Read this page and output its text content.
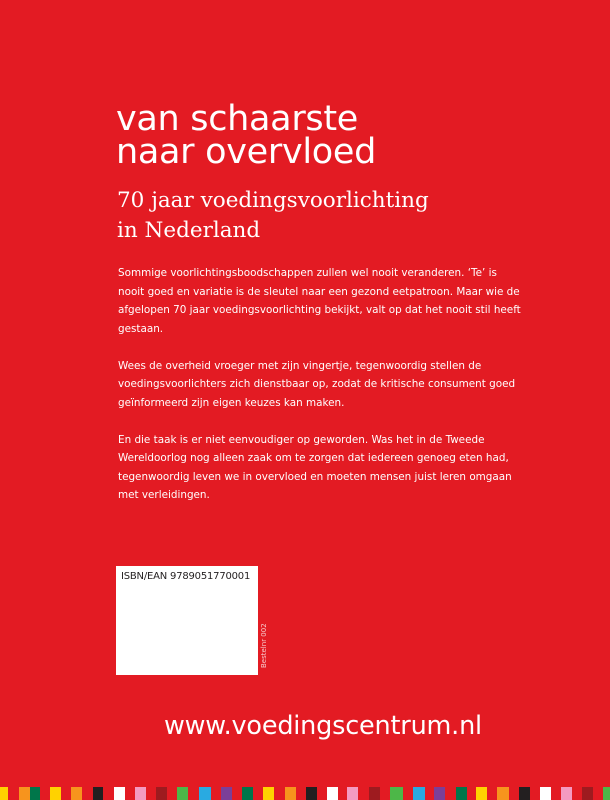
van schaarste
naar overvloed
70 jaar voedingsvoorlichting
in Nederland

Sommige voorlichtingsboodschappen zullen wel nooit veranderen. ‘Te’ is
nooit goed en variatie is de sleutel naar een gezond eetpatroon. Maar wie de
afgelopen 70 jaar voedingsvoorlichting bekijkt, valt op dat het nooit stil heeft
gestaan.

Wees de overheid vroeger met zijn vingertje, tegenwoordig stellen de
voedingsvoorlichters zich dienstbaar op, zodat de kritische consument goed
geïnformeerd zijn eigen keuzes kan maken.

En die taak is er niet eenvoudiger op geworden. Was het in de Tweede
Wereldoorlog nog alleen zaak om te zorgen dat iedereen genoeg eten had,
tegenwoordig leven we in overvloed en moeten mensen juist leren omgaan
met verleidingen.

ISBN/EAN 9789051770001
Bestelnr 002
www.voedingscentrum.nl
